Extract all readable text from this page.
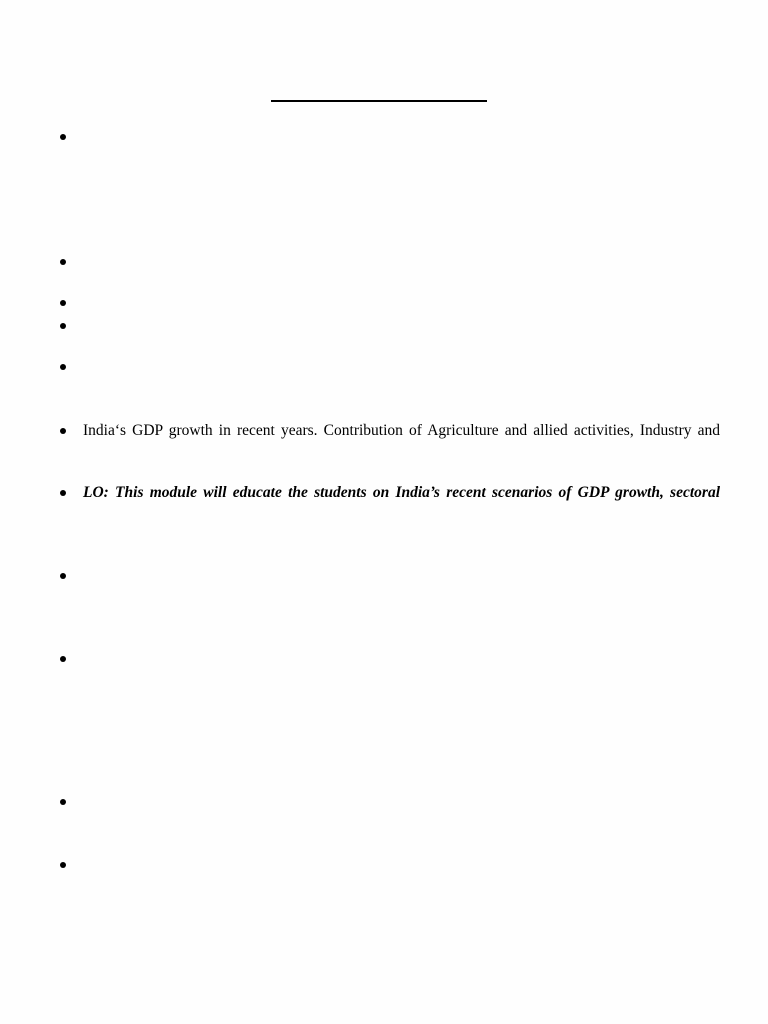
India‘s GDP growth in recent years. Contribution of Agriculture and allied activities, Industry and
LO: This module will educate the students on India’s recent scenarios of GDP growth, sectoral
